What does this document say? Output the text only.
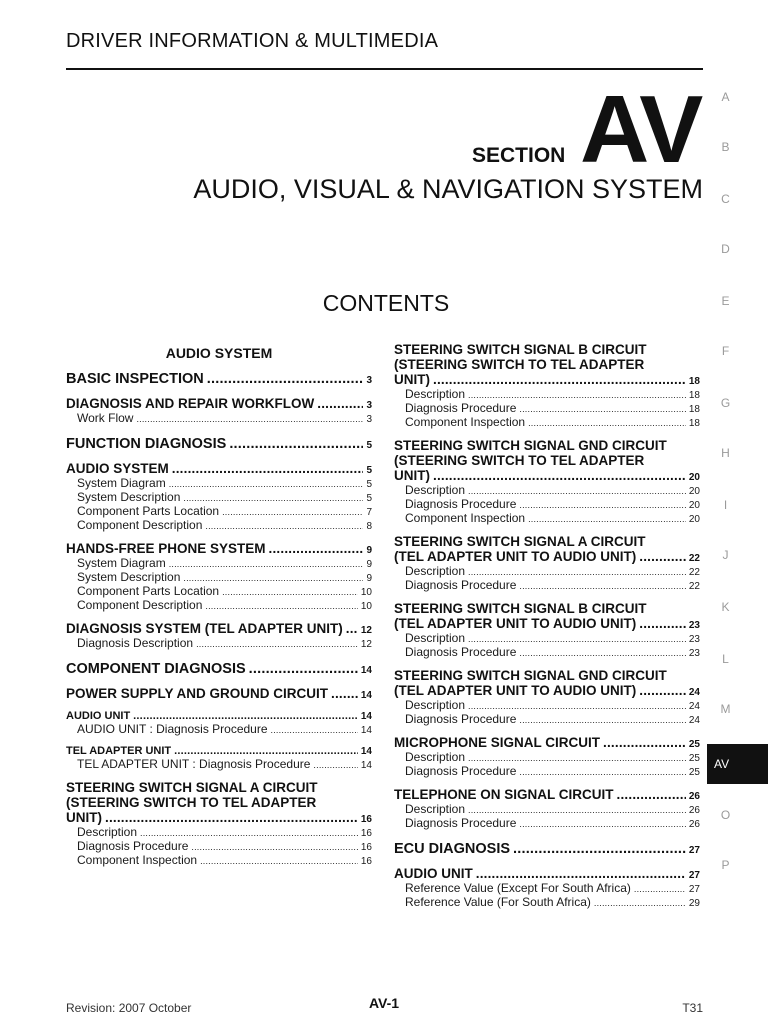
DRIVER INFORMATION & MULTIMEDIA
SECTION AV
AUDIO, VISUAL & NAVIGATION SYSTEM
CONTENTS
A
B
C
D
E
F
G
H
I
J
K
L
M
AV
O
P
AUDIO SYSTEM
BASIC INSPECTION .....	3
DIAGNOSIS AND REPAIR WORKFLOW .....	3
Work Flow .....	3
FUNCTION DIAGNOSIS .....	5
AUDIO SYSTEM .....	5
System Diagram .....	5
System Description .....	5
Component Parts Location .....	7
Component Description .....	8
HANDS-FREE PHONE SYSTEM .....	9
System Diagram .....	9
System Description .....	9
Component Parts Location .....	10
Component Description .....	10
DIAGNOSIS SYSTEM (TEL ADAPTER UNIT) ..... 12
Diagnosis Description .....	12
COMPONENT DIAGNOSIS .....	14
POWER SUPPLY AND GROUND CIRCUIT .....	14
AUDIO UNIT .....	14
AUDIO UNIT : Diagnosis Procedure .....	14
TEL ADAPTER UNIT .....	14
TEL ADAPTER UNIT : Diagnosis Procedure .....	14
STEERING SWITCH SIGNAL A CIRCUIT
(STEERING SWITCH TO TEL ADAPTER
UNIT) .....	16
Description .....	16
Diagnosis Procedure .....	16
Component Inspection .....	16
STEERING SWITCH SIGNAL B CIRCUIT
(STEERING SWITCH TO TEL ADAPTER
UNIT) .....	18
Description .....	18
Diagnosis Procedure .....	18
Component Inspection .....	18
STEERING SWITCH SIGNAL GND CIRCUIT
(STEERING SWITCH TO TEL ADAPTER
UNIT) .....	20
Description .....	20
Diagnosis Procedure .....	20
Component Inspection .....	20
STEERING SWITCH SIGNAL A CIRCUIT
(TEL ADAPTER UNIT TO AUDIO UNIT) .....	22
Description .....	22
Diagnosis Procedure .....	22
STEERING SWITCH SIGNAL B CIRCUIT
(TEL ADAPTER UNIT TO AUDIO UNIT) .....	23
Description .....	23
Diagnosis Procedure .....	23
STEERING SWITCH SIGNAL GND CIRCUIT
(TEL ADAPTER UNIT TO AUDIO UNIT) .....	24
Description .....	24
Diagnosis Procedure .....	24
MICROPHONE SIGNAL CIRCUIT .....	25
Description .....	25
Diagnosis Procedure .....	25
TELEPHONE ON SIGNAL CIRCUIT .....	26
Description .....	26
Diagnosis Procedure .....	26
ECU DIAGNOSIS .....	27
AUDIO UNIT .....	27
Reference Value (Except For South Africa) .....	27
Reference Value (For South Africa) .....	29
Revision: 2007 October	AV-1	T31
